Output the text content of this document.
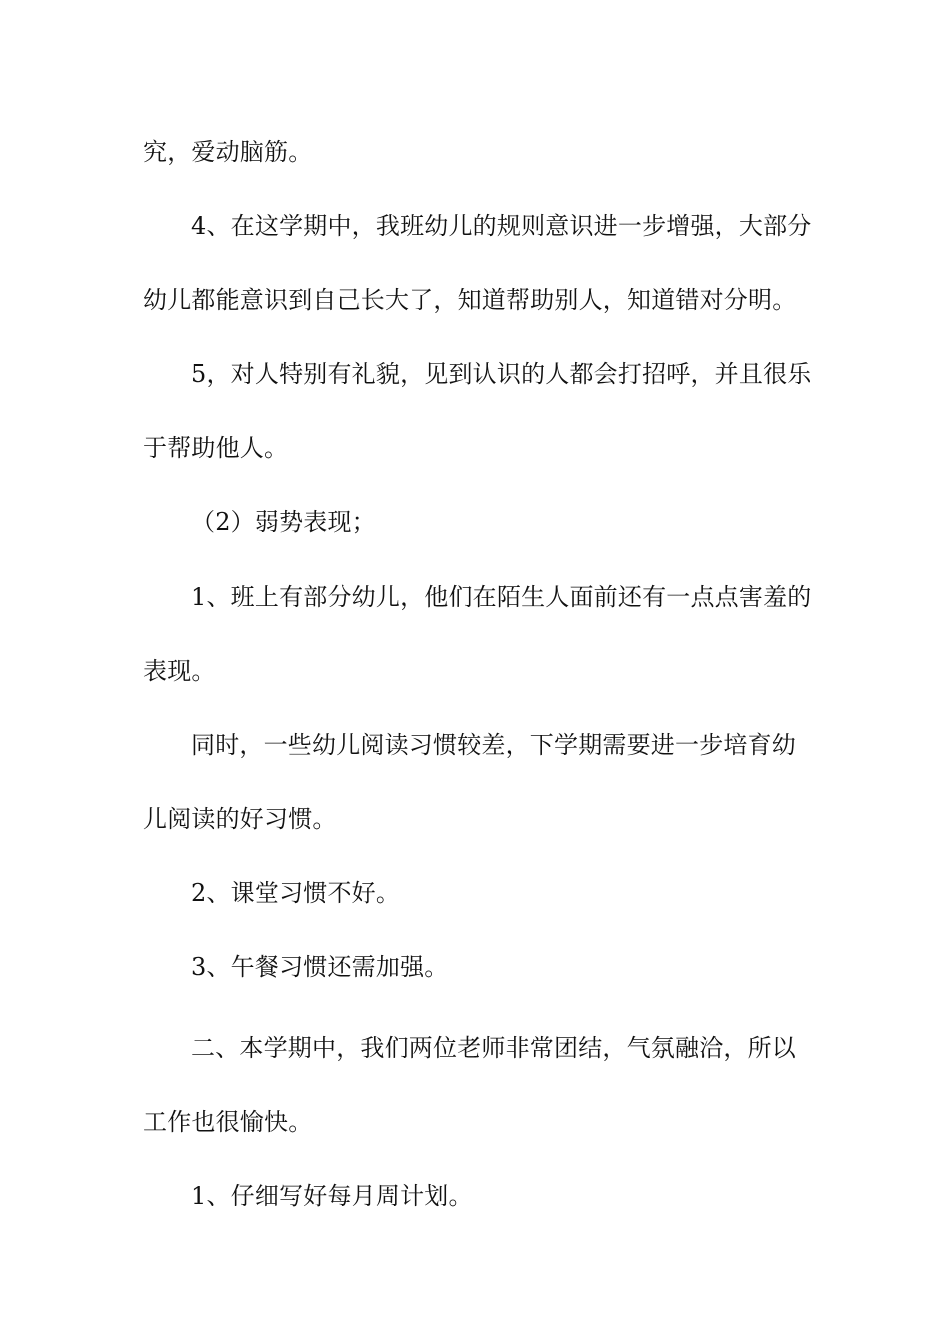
究，爱动脑筋。
4、在这学期中，我班幼儿的规则意识进一步增强，大部分
幼儿都能意识到自己长大了，知道帮助别人，知道错对分明。
5，对人特别有礼貌，见到认识的人都会打招呼，并且很乐
于帮助他人。
（2）弱势表现；
1、班上有部分幼儿，他们在陌生人面前还有一点点害羞的
表现。
同时，一些幼儿阅读习惯较差，下学期需要进一步培育幼
儿阅读的好习惯。
2、课堂习惯不好。
3、午餐习惯还需加强。
二、本学期中，我们两位老师非常团结，气氛融洽，所以
工作也很愉快。
1、仔细写好每月周计划。
